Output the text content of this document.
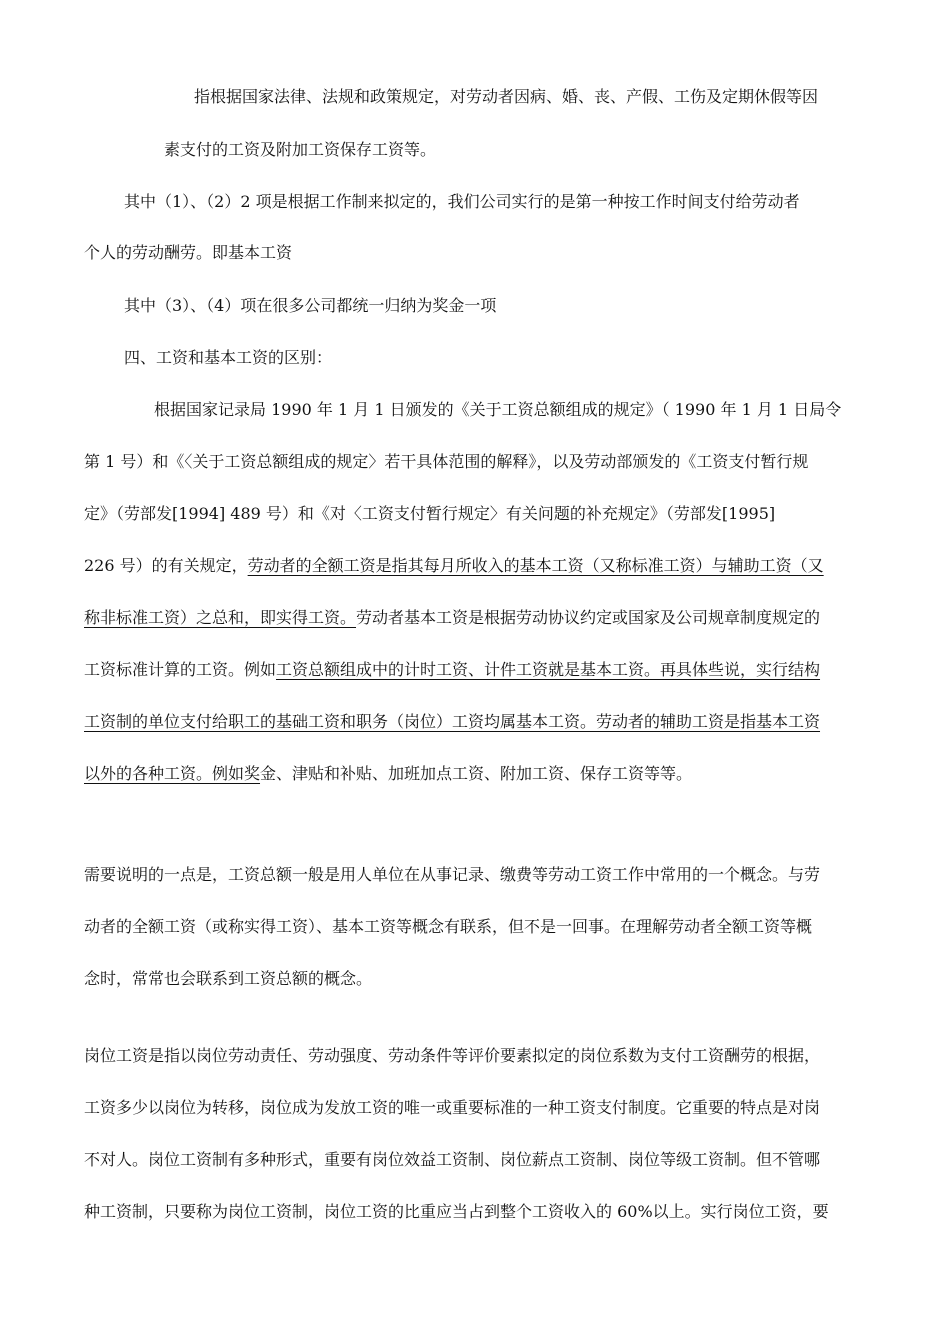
指根据国家法律、法规和政策规定，对劳动者因病、婚、丧、产假、工伤及定期休假等因
素支付的工资及附加工资保存工资等。
其中（1）、（2）2 项是根据工作制来拟定的，我们公司实行的是第一种按工作时间支付给劳动者
个人的劳动酬劳。即基本工资
其中（3）、（4）项在很多公司都统一归纳为奖金一项
四、工资和基本工资的区别：
根据国家记录局 1990 年 1 月 1 日颁发的《关于工资总额组成的规定》（ 1990 年 1 月 1 日局令
第 1 号）和《〈关于工资总额组成的规定〉若干具体范围的解释》，以及劳动部颁发的《工资支付暂行规
定》（劳部发[1994] 489 号）和《对〈工资支付暂行规定〉有关问题的补充规定》（劳部发[1995]
226 号）的有关规定，劳动者的全额工资是指其每月所收入的基本工资（又称标准工资）与辅助工资（又
称非标准工资）之总和，即实得工资。劳动者基本工资是根据劳动协议约定或国家及公司规章制度规定的
工资标准计算的工资。例如工资总额组成中的计时工资、计件工资就是基本工资。再具体些说，实行结构
工资制的单位支付给职工的基础工资和职务（岗位）工资均属基本工资。劳动者的辅助工资是指基本工资
以外的各种工资。例如奖金、津贴和补贴、加班加点工资、附加工资、保存工资等等。
需要说明的一点是，工资总额一般是用人单位在从事记录、缴费等劳动工资工作中常用的一个概念。与劳
动者的全额工资（或称实得工资）、基本工资等概念有联系，但不是一回事。在理解劳动者全额工资等概
念时，常常也会联系到工资总额的概念。
岗位工资是指以岗位劳动责任、劳动强度、劳动条件等评价要素拟定的岗位系数为支付工资酬劳的根据，
工资多少以岗位为转移，岗位成为发放工资的唯一或重要标准的一种工资支付制度。它重要的特点是对岗
不对人。岗位工资制有多种形式，重要有岗位效益工资制、岗位薪点工资制、岗位等级工资制。但不管哪
种工资制，只要称为岗位工资制，岗位工资的比重应当占到整个工资收入的 60%以上。实行岗位工资，要
